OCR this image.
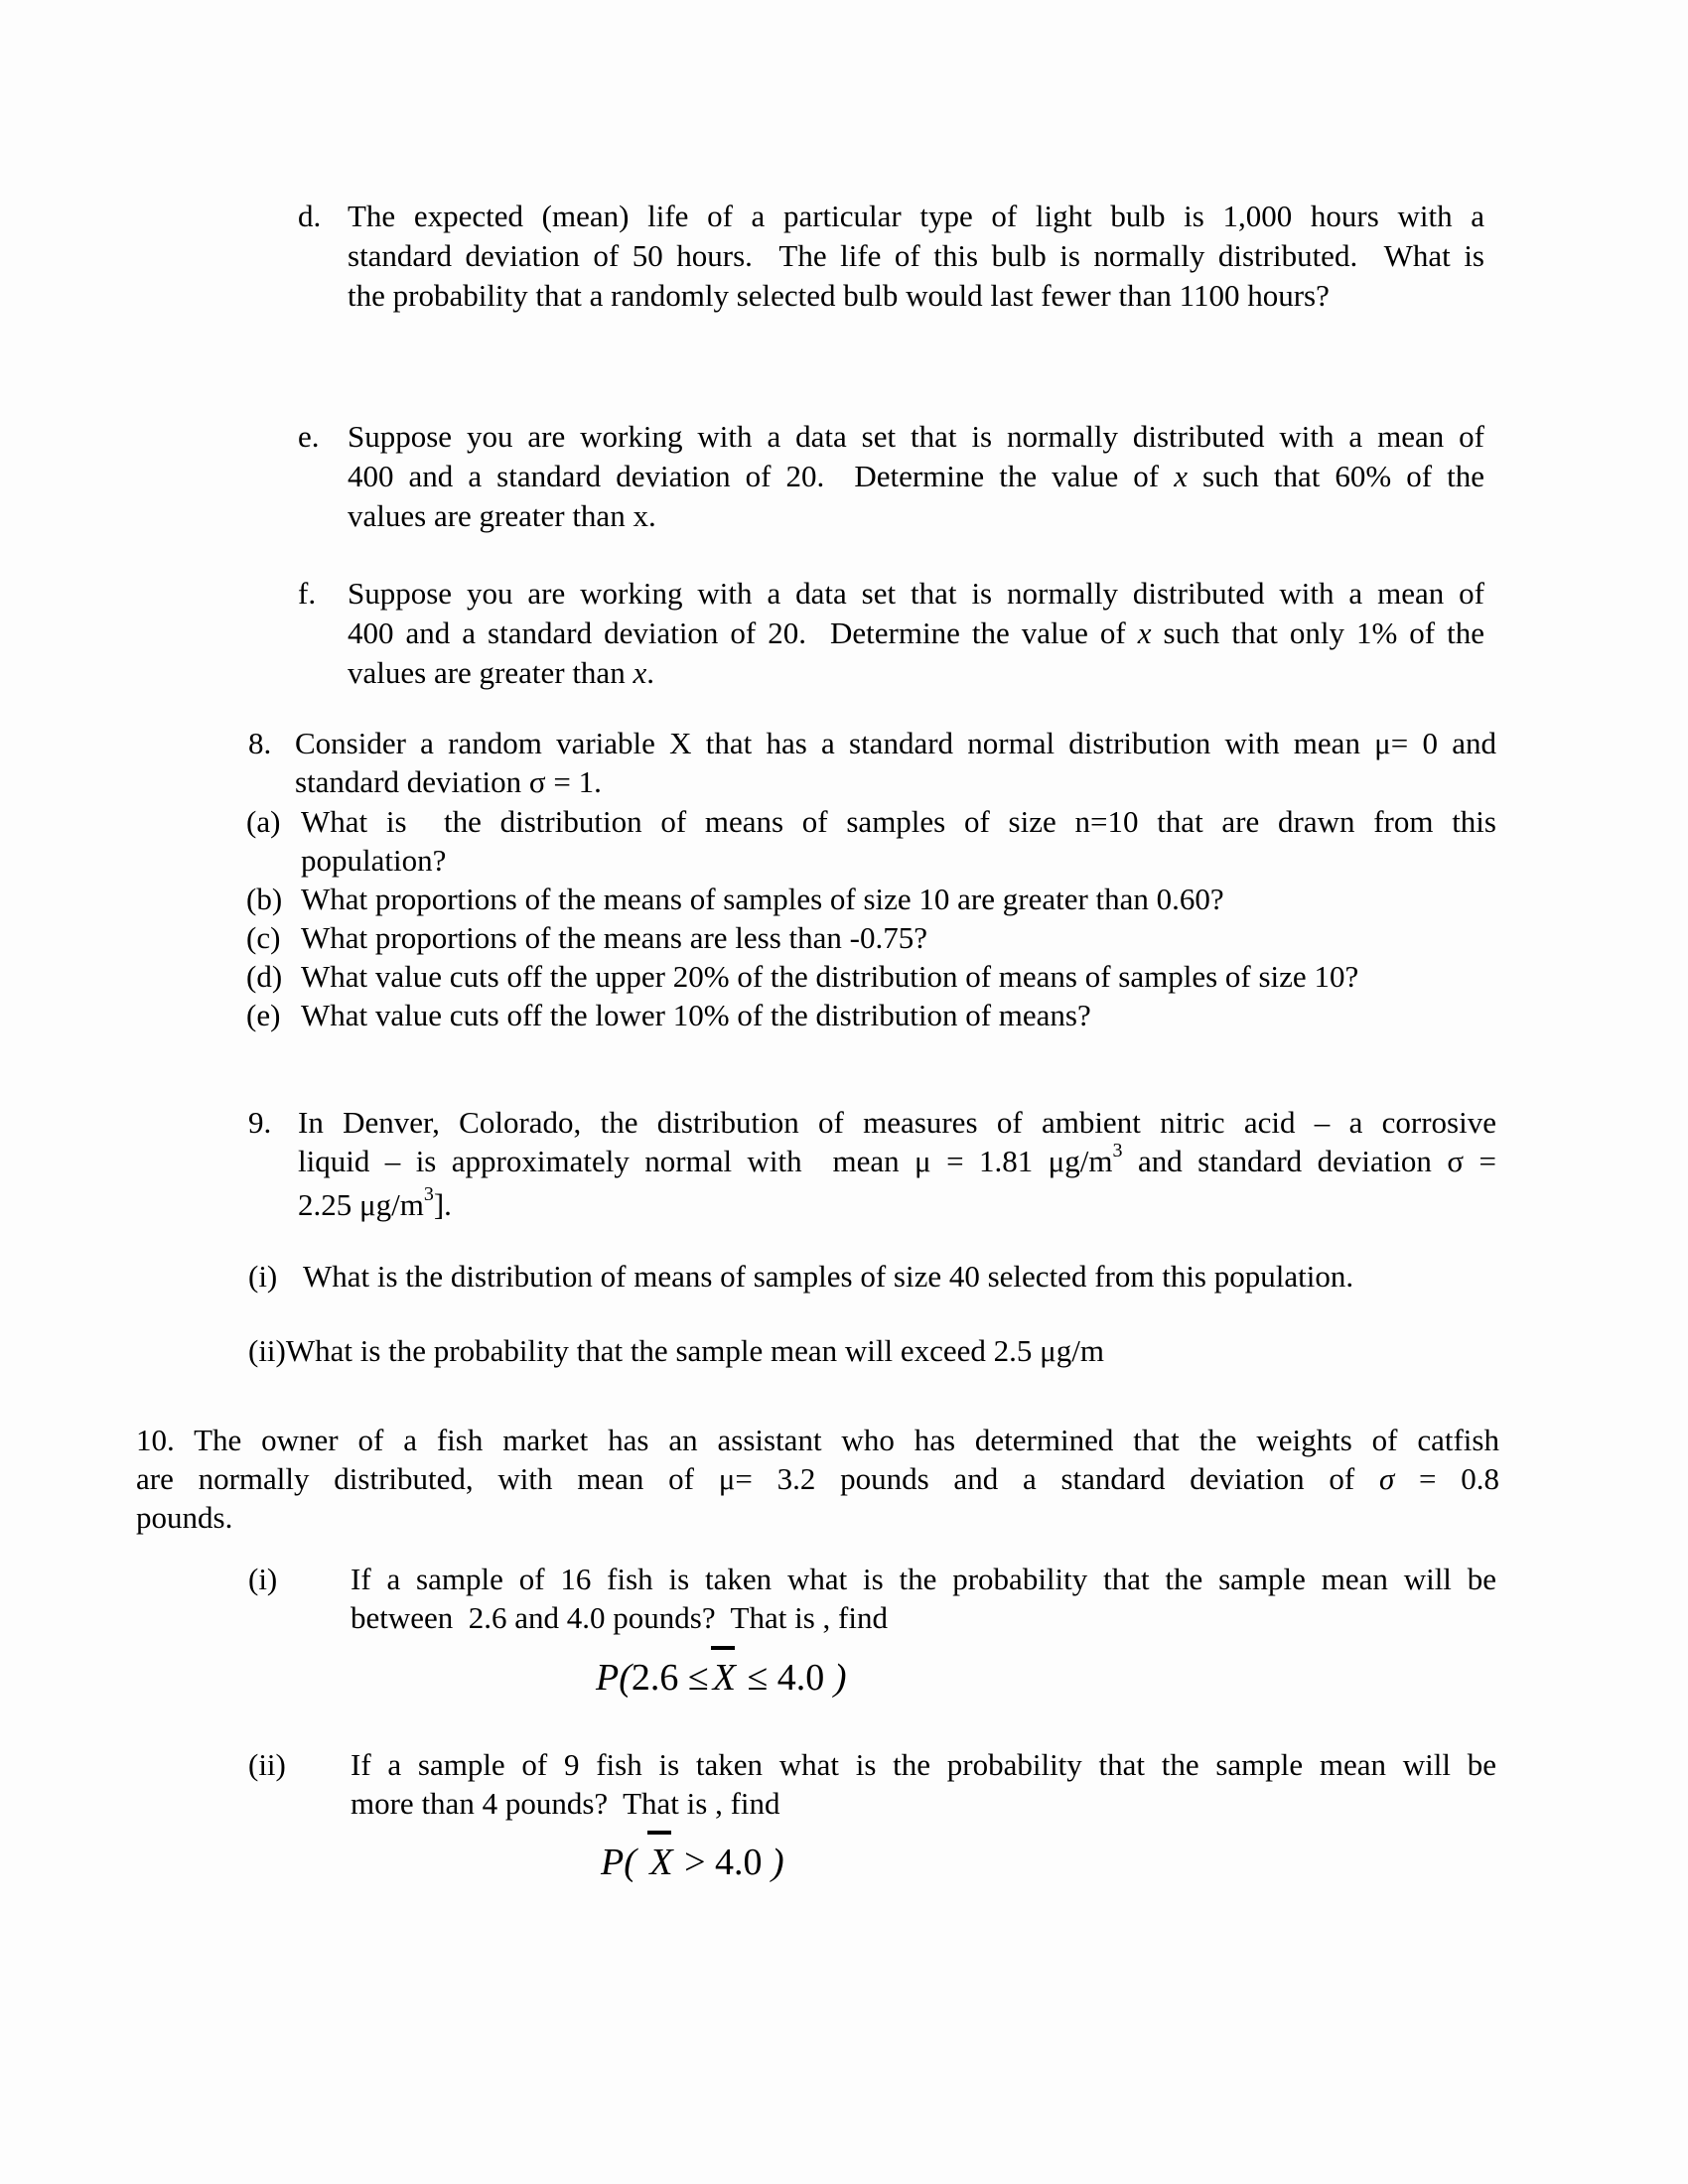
d. The expected (mean) life of a particular type of light bulb is 1,000 hours with a
standard deviation of 50 hours.  The life of this bulb is normally distributed.  What is
the probability that a randomly selected bulb would last fewer than 1100 hours?
e. Suppose you are working with a data set that is normally distributed with a mean of
400 and a standard deviation of 20.  Determine the value of x such that 60% of the
values are greater than x.
f. Suppose you are working with a data set that is normally distributed with a mean of
400 and a standard deviation of 20.  Determine the value of x such that only 1% of the
values are greater than x.
8. Consider a random variable X that has a standard normal distribution with mean μ= 0 and
standard deviation σ = 1.
(a) What is  the distribution of means of samples of size n=10 that are drawn from this
population?
(b) What proportions of the means of samples of size 10 are greater than 0.60?
(c) What proportions of the means are less than -0.75?
(d) What value cuts off the upper 20% of the distribution of means of samples of size 10?
(e) What value cuts off the lower 10% of the distribution of means?
9. In Denver, Colorado, the distribution of measures of ambient nitric acid – a corrosive
liquid – is approximately normal with  mean μ = 1.81 $\mu g/m^3$ and standard deviation σ =
2.25 $\mu g/m^3$].
(i) What is the distribution of means of samples of size 40 selected from this population.
(ii)What is the probability that the sample mean will exceed 2.5 μg/m
10. The owner of a fish market has an assistant who has determined that the weights of catfish
are normally distributed, with mean of μ= 3.2 pounds and a standard deviation of σ = 0.8
pounds.
(i) If a sample of 16 fish is taken what is the probability that the sample mean will be
between  2.6 and 4.0 pounds?  That is , find
P(2.6 ≤ X ≤ 4.0 )
(ii) If a sample of 9 fish is taken what is the probability that the sample mean will be
more than 4 pounds?  That is , find
P( X > 4.0 )
